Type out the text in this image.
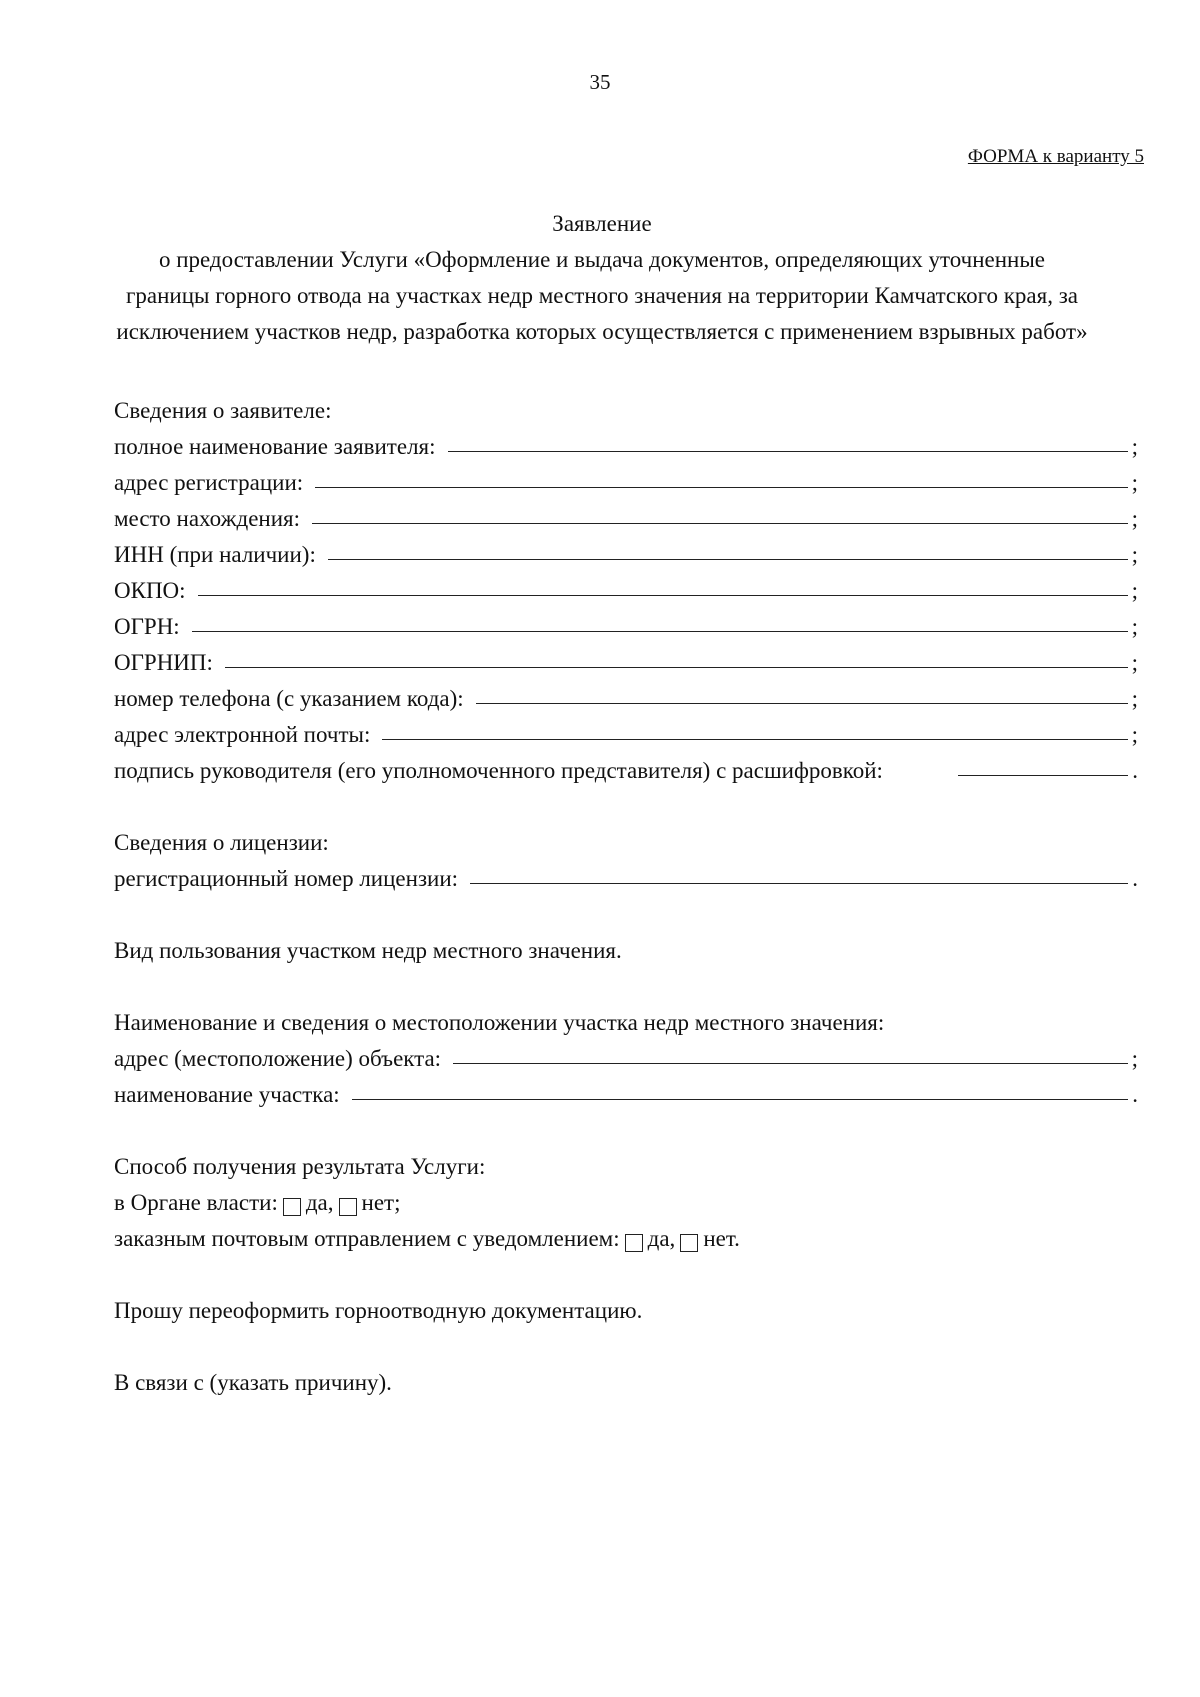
35
ФОРМА к варианту 5
Заявление
о предоставлении Услуги «Оформление и выдача документов, определяющих уточненные
границы горного отвода на участках недр местного значения на территории Камчатского края, за
исключением участков недр, разработка которых осуществляется с применением взрывных работ»
Сведения о заявителе:
полное наименование заявителя:	;
адрес регистрации:	;
место нахождения:	;
ИНН (при наличии):	;
ОКПО:	;
ОГРН:	;
ОГРНИП:	;
номер телефона (с указанием кода):	;
адрес электронной почты:	;
подпись руководителя (его уполномоченного представителя) с расшифровкой:	.
Сведения о лицензии:
регистрационный номер лицензии:	.
Вид пользования участком недр местного значения.
Наименование и сведения о местоположении участка недр местного значения:
адрес (местоположение) объекта:	;
наименование участка:	.
Способ получения результата Услуги:
в Органе власти: да, нет;
заказным почтовым отправлением с уведомлением: да, нет.
Прошу переоформить горноотводную документацию.
В связи с (указать причину).
